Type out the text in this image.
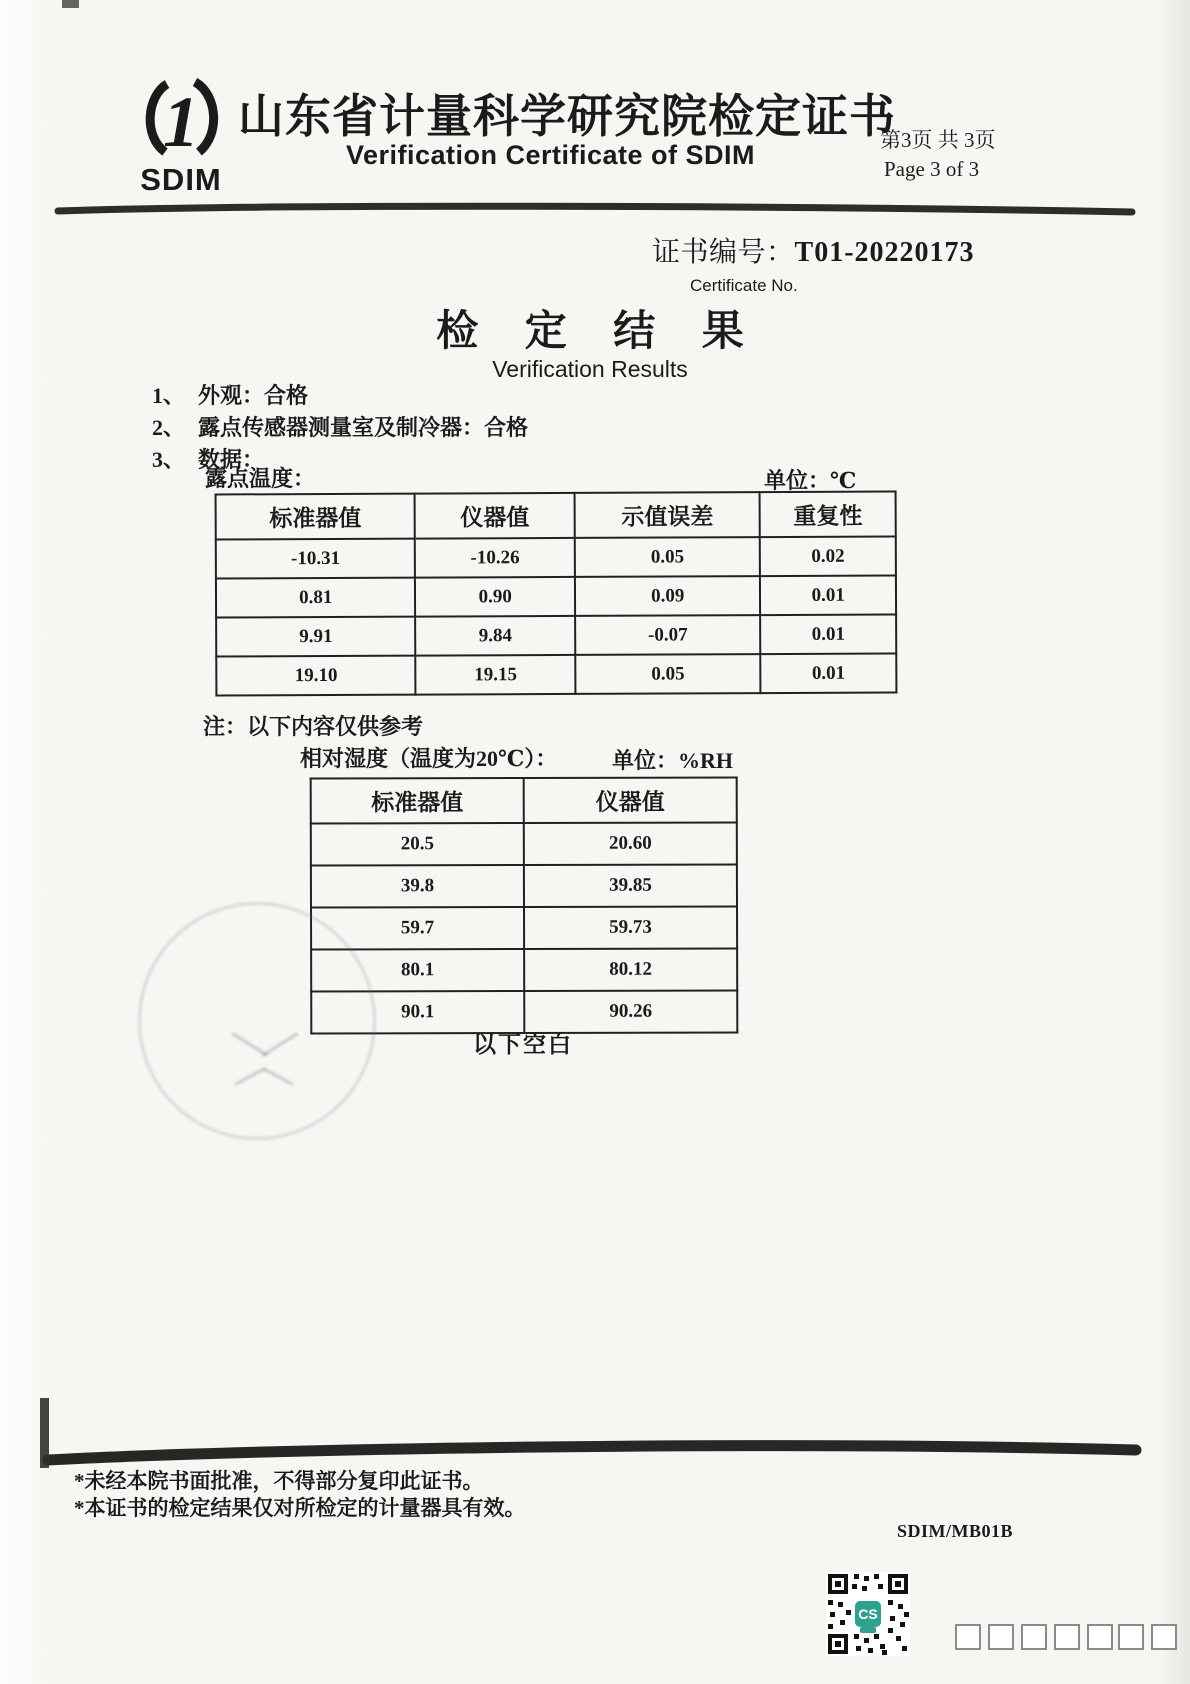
1
SDIM
山东省计量科学研究院检定证书
Verification Certificate of SDIM	第3页 共 3页
Page 3 of 3
证书编号：T01-20220173
Certificate No.
检 定 结 果
Verification Results
1、 外观：合格
2、 露点传感器测量室及制冷器：合格
3、 数据：
露点温度：	单位：℃
标准器值	仪器值	示值误差	重复性
-10.31	-10.26	0.05	0.02
0.81	0.90	0.09	0.01
9.91	9.84	-0.07	0.01
19.10	19.15	0.05	0.01
注：以下内容仅供参考
相对湿度（温度为20℃）： 单位：%RH
标准器值	仪器值
20.5	20.60
39.8	39.85
59.7	59.73
80.1	80.12
90.1	90.26
以下空白
*未经本院书面批准，不得部分复印此证书。
*本证书的检定结果仅对所检定的计量器具有效。
SDIM/MB01B
CS
